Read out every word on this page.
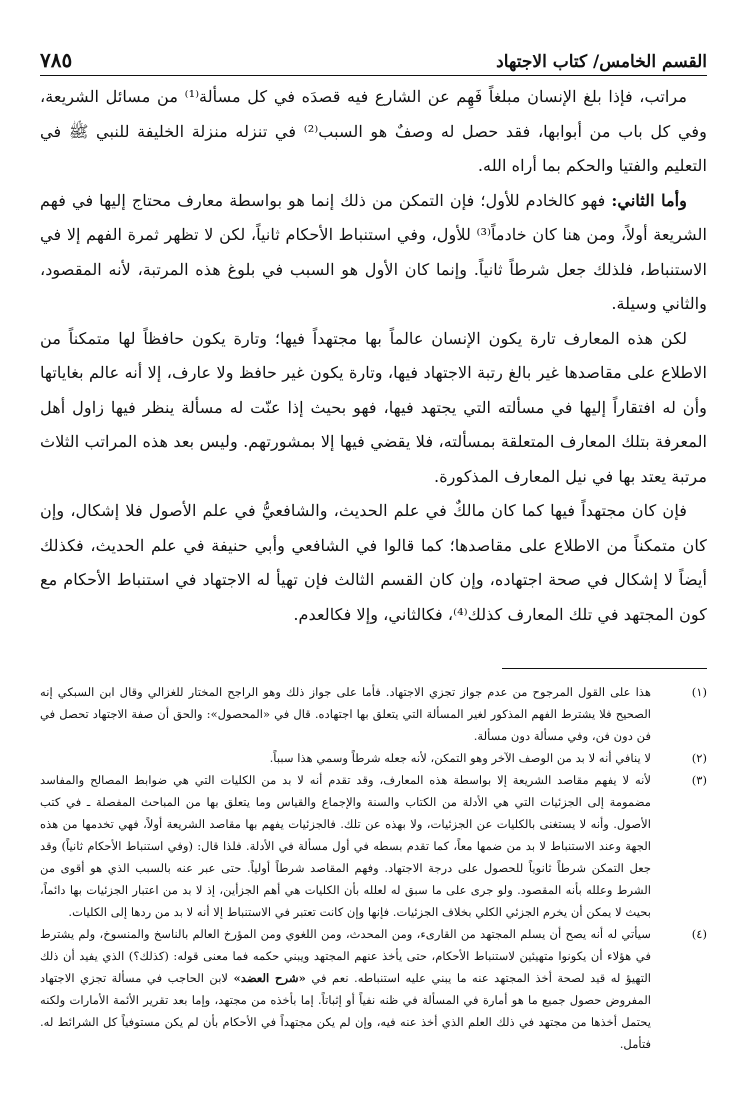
القسم الخامس/ كتاب الاجتهاد
٧٨٥

مراتب، فإذا بلغ الإنسان مبلغاً فَهِم عن الشارع فيه قصدَه في كل مسألة⁽¹⁾ من مسائل الشريعة، وفي كل باب من أبوابها، فقد حصل له وصفٌ هو السبب⁽²⁾ في تنزله منزلة الخليفة للنبي ﷺ في التعليم والفتيا والحكم بما أراه الله.

وأما الثاني: فهو كالخادم للأول؛ فإن التمكن من ذلك إنما هو بواسطة معارف محتاج إليها في فهم الشريعة أولاً، ومن هنا كان خادماً⁽³⁾ للأول، وفي استنباط الأحكام ثانياً، لكن لا تظهر ثمرة الفهم إلا في الاستنباط، فلذلك جعل شرطاً ثانياً. وإنما كان الأول هو السبب في بلوغ هذه المرتبة، لأنه المقصود، والثاني وسيلة.

لكن هذه المعارف تارة يكون الإنسان عالماً بها مجتهداً فيها؛ وتارة يكون حافظاً لها متمكناً من الاطلاع على مقاصدها غير بالغ رتبة الاجتهاد فيها، وتارة يكون غير حافظ ولا عارف، إلا أنه عالم بغاياتها وأن له افتقاراً إليها في مسألته التي يجتهد فيها، فهو بحيث إذا عنّت له مسألة ينظر فيها زاول أهل المعرفة بتلك المعارف المتعلقة بمسألته، فلا يقضي فيها إلا بمشورتهم. وليس بعد هذه المراتب الثلاث مرتبة يعتد بها في نيل المعارف المذكورة.

فإن كان مجتهداً فيها كما كان مالكٌ في علم الحديث، والشافعيُّ في علم الأصول فلا إشكال، وإن كان متمكناً من الاطلاع على مقاصدها؛ كما قالوا في الشافعي وأبي حنيفة في علم الحديث، فكذلك أيضاً لا إشكال في صحة اجتهاده، وإن كان القسم الثالث فإن تهيأ له الاجتهاد في استنباط الأحكام مع كون المجتهد في تلك المعارف كذلك⁽⁴⁾، فكالثاني، وإلا فكالعدم.

(١)
هذا على القول المرجوح من عدم جواز تجزي الاجتهاد. فأما على جواز ذلك وهو الراجح المختار للغزالي وقال ابن السبكي إنه الصحيح فلا يشترط الفهم المذكور لغير المسألة التي يتعلق بها اجتهاده. قال في «المحصول»: والحق أن صفة الاجتهاد تحصل في فن دون فن، وفي مسألة دون مسألة.
(٢)
لا ينافي أنه لا بد من الوصف الآخر وهو التمكن، لأنه جعله شرطاً وسمي هذا سبباً.
(٣)
لأنه لا يفهم مقاصد الشريعة إلا بواسطة هذه المعارف، وقد تقدم أنه لا بد من الكليات التي هي ضوابط المصالح والمفاسد مضمومة إلى الجزئيات التي هي الأدلة من الكتاب والسنة والإجماع والقياس وما يتعلق بها من المباحث المفصلة ـ في كتب الأصول. وأنه لا يستغنى بالكليات عن الجزئيات، ولا بهذه عن تلك. فالجزئيات يفهم بها مقاصد الشريعة أولاً، فهي تخدمها من هذه الجهة وعند الاستنباط لا بد من ضمها معاً، كما تقدم بسطه في أول مسألة في الأدلة. فلذا قال: (وفي استنباط الأحكام ثانياً) وقد جعل التمكن شرطاً ثانوياً للحصول على درجة الاجتهاد. وفهم المقاصد شرطاً أولياً. حتى عبر عنه بالسبب الذي هو أقوى من الشرط وعلله بأنه المقصود. ولو جرى على ما سبق له لعلله بأن الكليات هي أهم الجزأين، إذ لا بد من اعتبار الجزئيات بها دائماً، بحيث لا يمكن أن يخرم الجزئي الكلي بخلاف الجزئيات. فإنها وإن كانت تعتبر في الاستنباط إلا أنه لا بد من ردها إلى الكليات.
(٤)
سيأتي له أنه يصح أن يسلم المجتهد من القارىء، ومن المحدث، ومن اللغوي ومن المؤرخ العالم بالناسخ والمنسوخ، ولم يشترط في هؤلاء أن يكونوا متهيئين لاستنباط الأحكام، حتى يأخذ عنهم المجتهد ويبني حكمه فما معنى قوله: (كذلك؟) الذي يفيد أن ذلك التهيؤ له قيد لصحة أخذ المجتهد عنه ما يبني عليه استنباطه. نعم في «شرح العضد» لابن الحاجب في مسألة تجزي الاجتهاد المفروض حصول جميع ما هو أمارة في المسألة في ظنه نفياً أو إثباتاً. إما بأخذه من مجتهد، وإما بعد تقرير الأئمة الأمارات ولكنه يحتمل أخذها من مجتهد في ذلك العلم الذي أخذ عنه فيه، وإن لم يكن مجتهداً في الأحكام بأن لم يكن مستوفياً كل الشرائط له. فتأمل.
